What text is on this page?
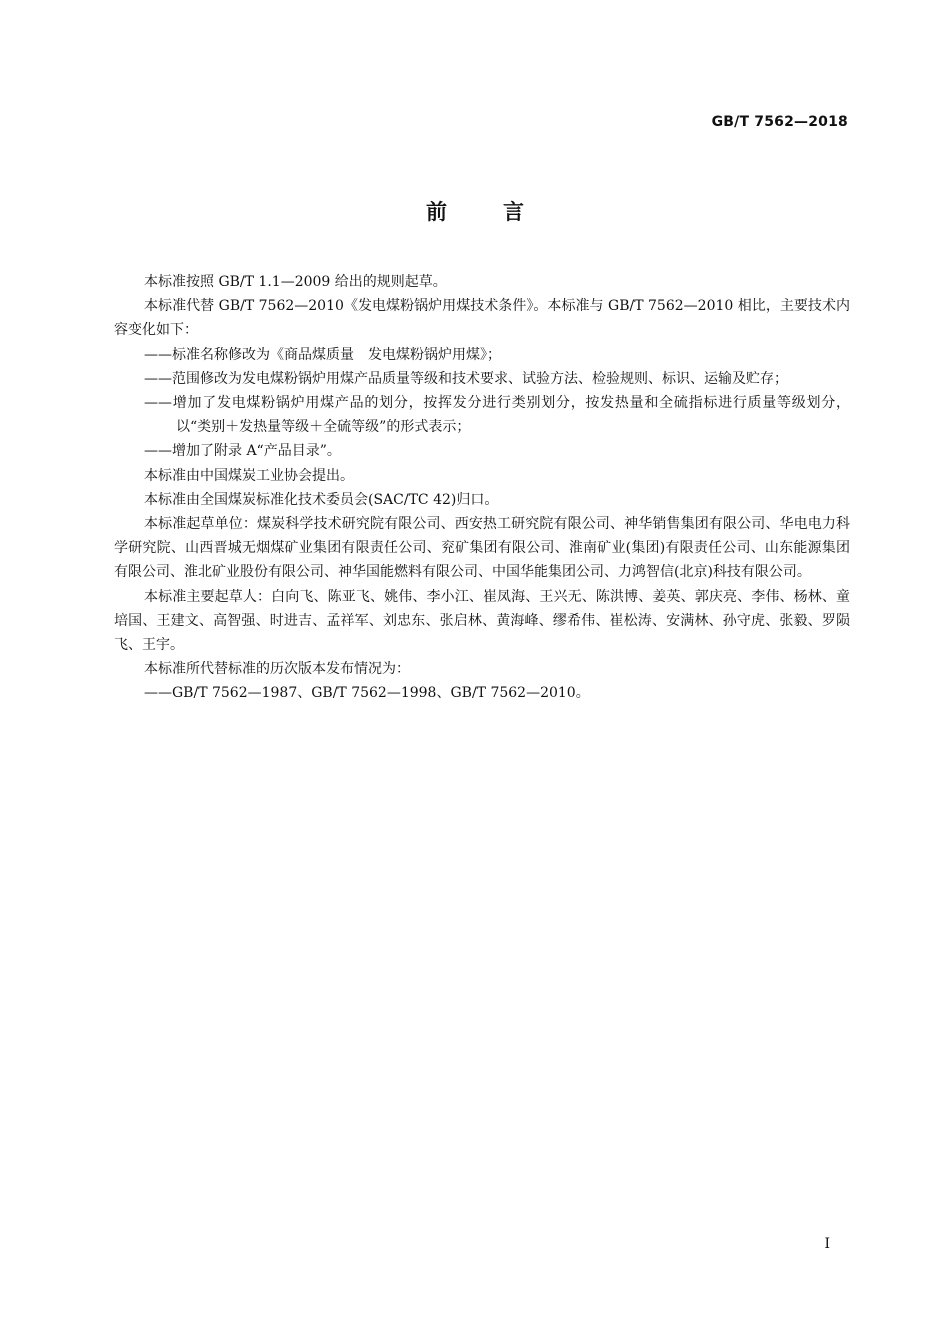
GB/T 7562—2018
前言

本标准按照 GB/T 1.1—2009 给出的规则起草。

本标准代替 GB/T 7562—2010《发电煤粉锅炉用煤技术条件》。本标准与 GB/T 7562—2010 相比，主要技术内容变化如下：

——标准名称修改为《商品煤质量　发电煤粉锅炉用煤》；

——范围修改为发电煤粉锅炉用煤产品质量等级和技术要求、试验方法、检验规则、标识、运输及贮存；

——增加了发电煤粉锅炉用煤产品的划分，按挥发分进行类别划分，按发热量和全硫指标进行质量等级划分，以“类别＋发热量等级＋全硫等级”的形式表示；

——增加了附录 A“产品目录”。

本标准由中国煤炭工业协会提出。

本标准由全国煤炭标准化技术委员会(SAC/TC 42)归口。

本标准起草单位：煤炭科学技术研究院有限公司、西安热工研究院有限公司、神华销售集团有限公司、华电电力科学研究院、山西晋城无烟煤矿业集团有限责任公司、兖矿集团有限公司、淮南矿业(集团)有限责任公司、山东能源集团有限公司、淮北矿业股份有限公司、神华国能燃料有限公司、中国华能集团公司、力鸿智信(北京)科技有限公司。

本标准主要起草人：白向飞、陈亚飞、姚伟、李小江、崔凤海、王兴无、陈洪博、姜英、郭庆亮、李伟、杨林、童培国、王建文、高智强、时进吉、孟祥军、刘忠东、张启林、黄海峰、缪希伟、崔松涛、安满林、孙守虎、张毅、罗陨飞、王宇。

本标准所代替标准的历次版本发布情况为：

——GB/T 7562—1987、GB/T 7562—1998、GB/T 7562—2010。

I
